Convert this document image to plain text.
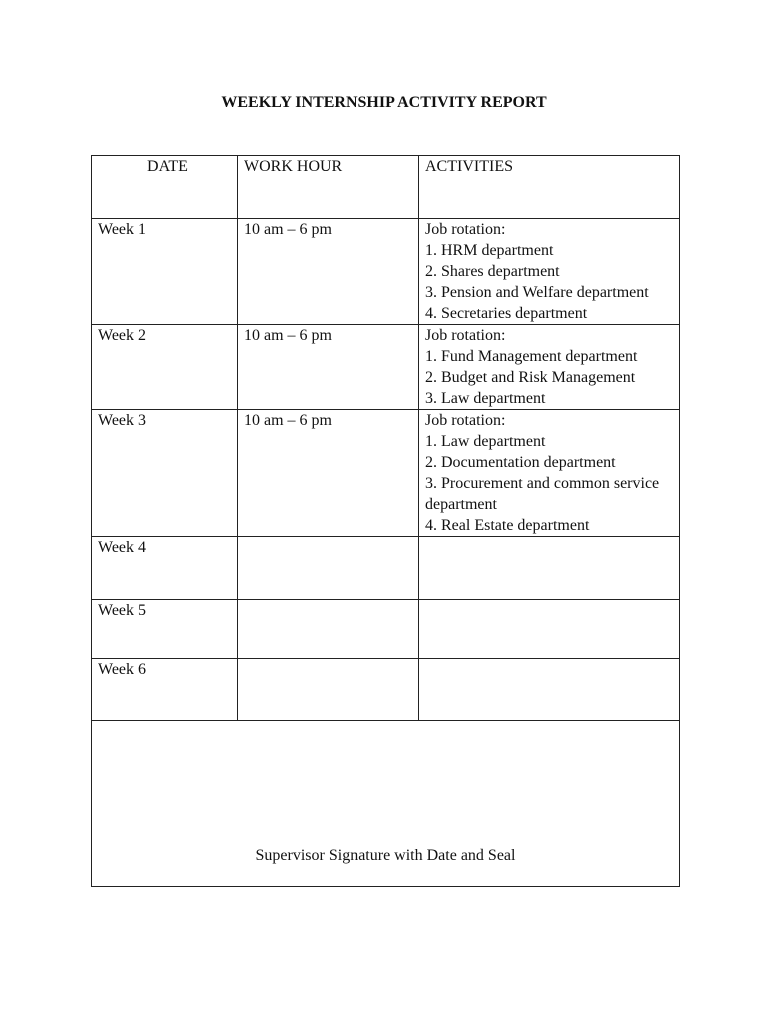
WEEKLY INTERNSHIP ACTIVITY REPORT
DATE	WORK HOUR	ACTIVITIES

Week 1	10 am – 6 pm	Job rotation:
1. HRM department
2. Shares department
3. Pension and Welfare department
4. Secretaries department

Week 2	10 am – 6 pm	Job rotation:
1. Fund Management department
2. Budget and Risk Management
3. Law department

Week 3	10 am – 6 pm	Job rotation:
1. Law department
2. Documentation department
3. Procurement and common service department
4. Real Estate department

Week 4		

Week 5		

Week 6		

Supervisor Signature with Date and Seal		
